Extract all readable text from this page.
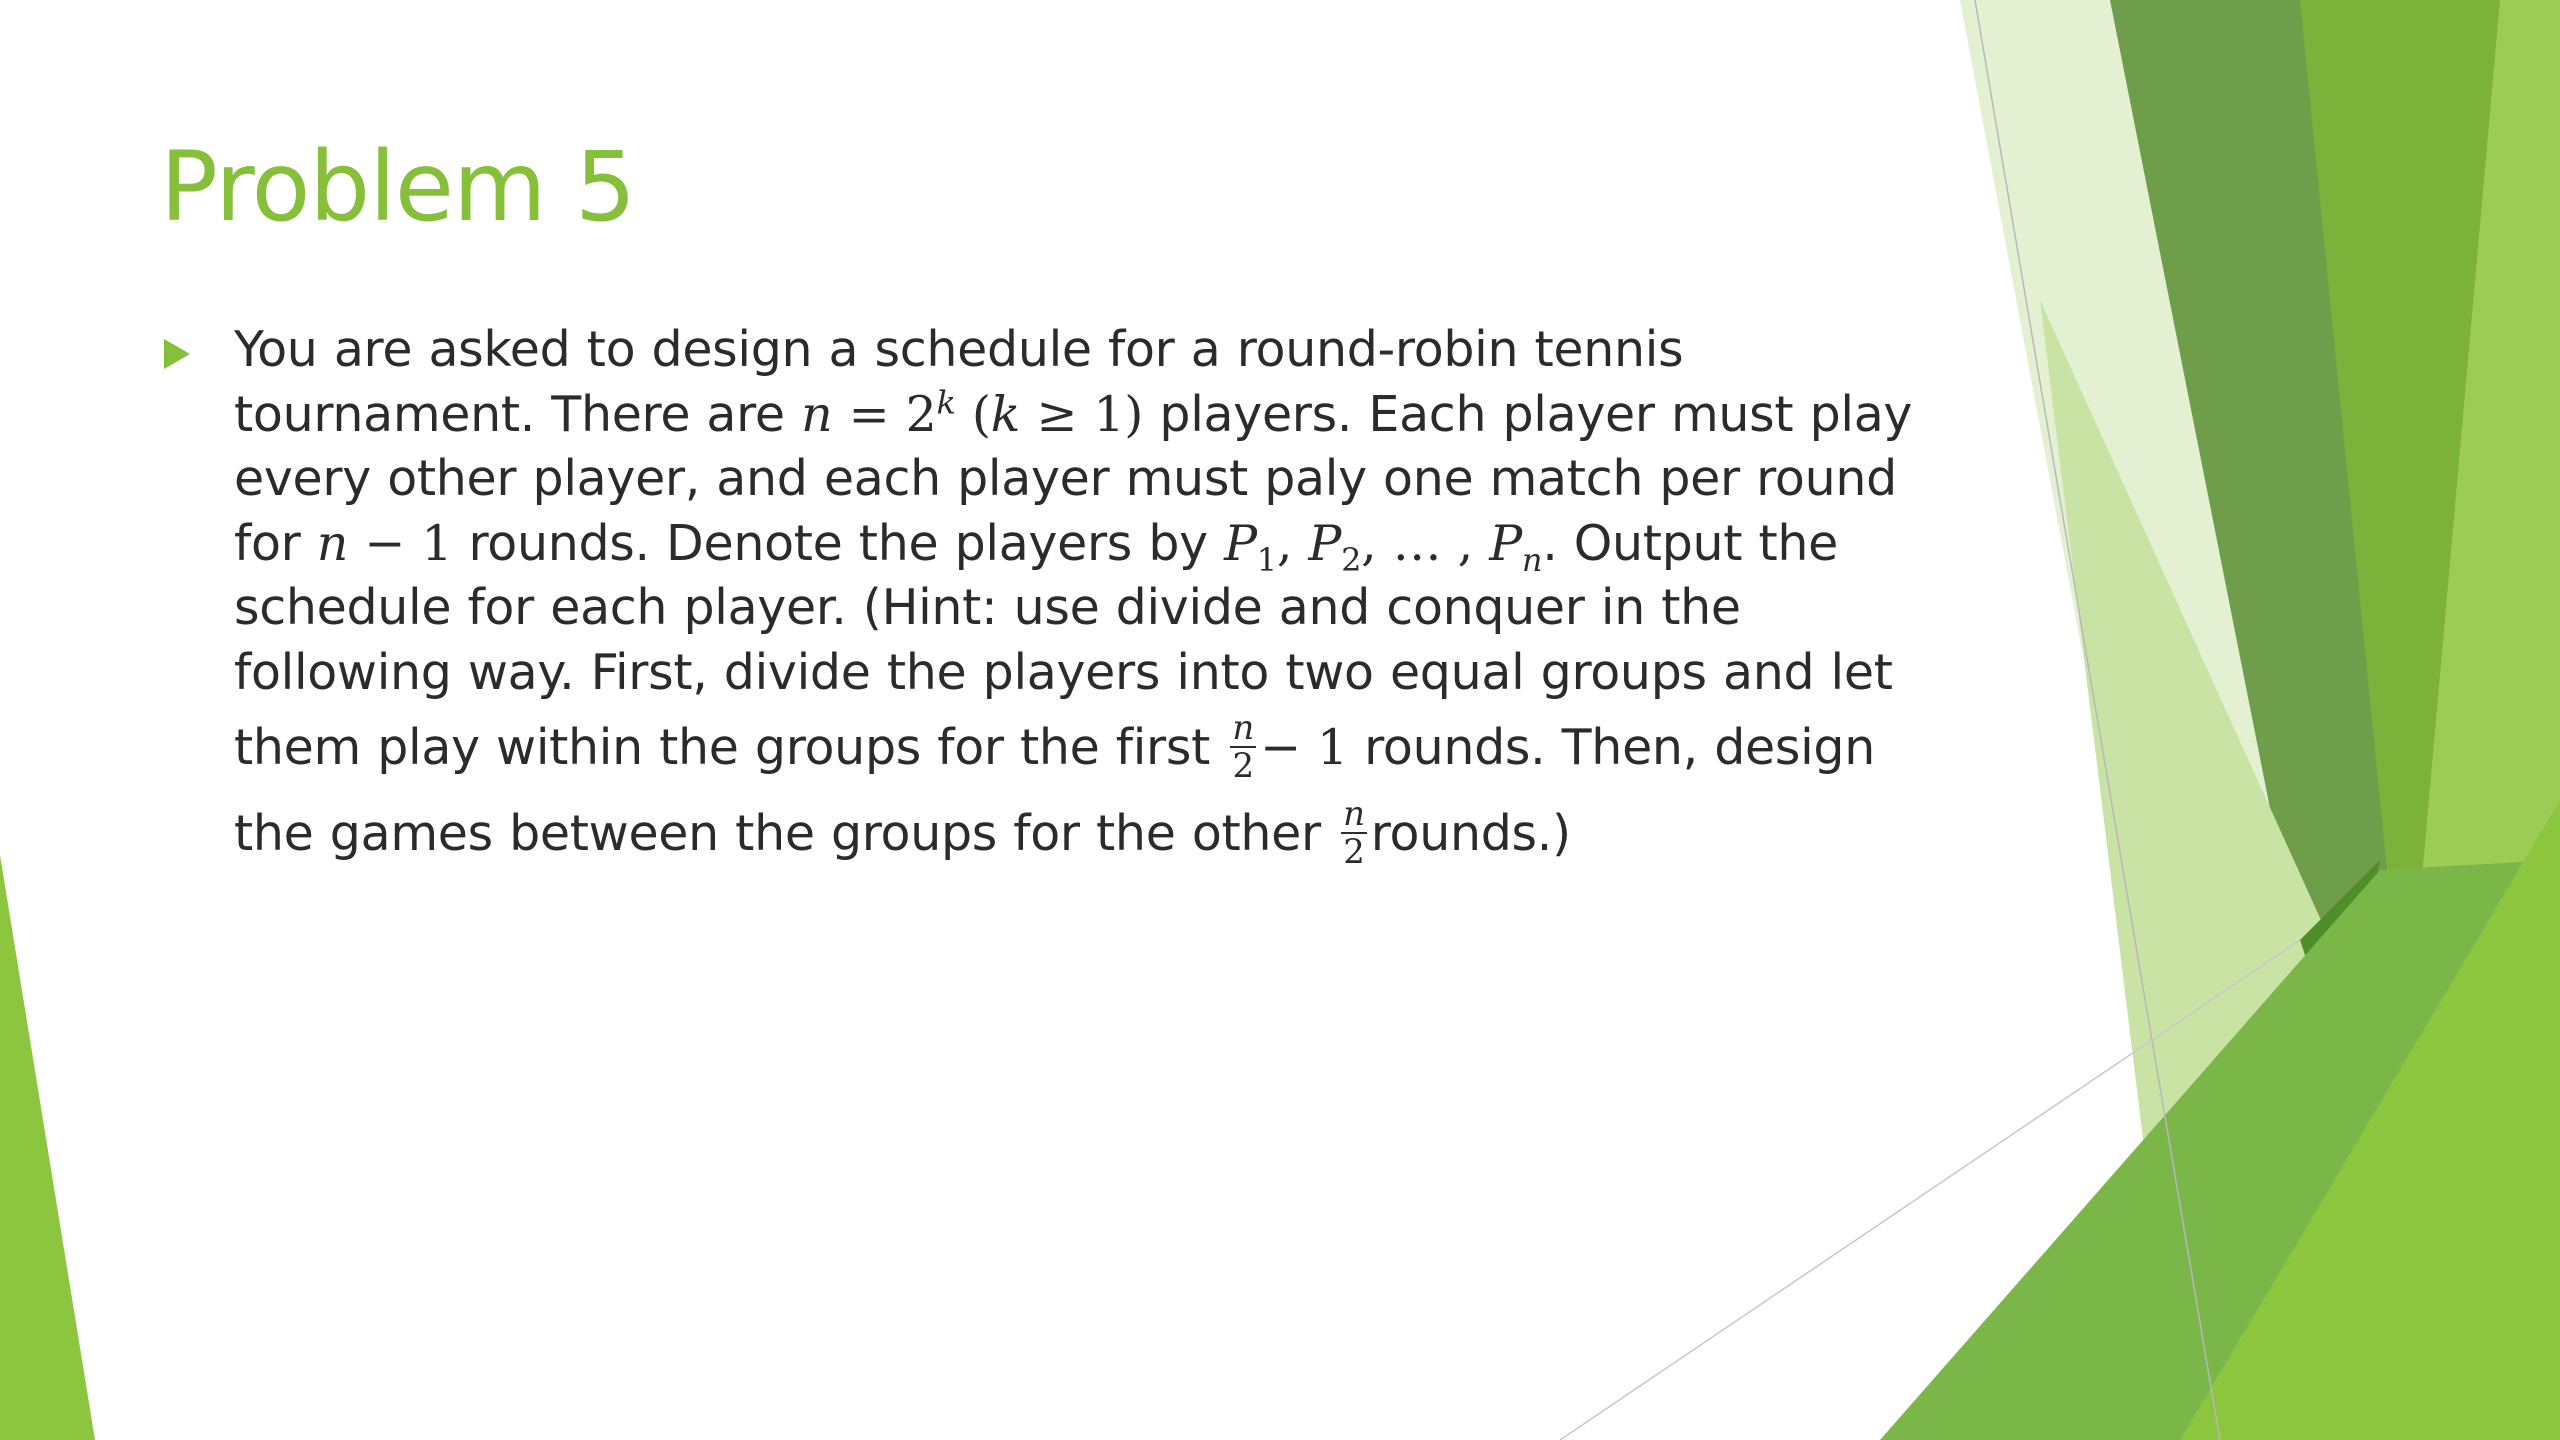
Problem 5

You are asked to design a schedule for a round-robin tennis
tournament. There are $n = 2^k$ (k ≥ 1) players. Each player must play
every other player, and each player must paly one match per round
for n − 1 rounds. Denote the players by $P_1$, $P_2$, … , $P_n$. Output the
schedule for each player. (Hint: use divide and conquer in the
following way. First, divide the players into two equal groups and let
them play within the groups for the first $\frac{n}{2} - 1$ rounds. Then, design
the games between the groups for the other $\frac{n}{2}$ rounds.)
